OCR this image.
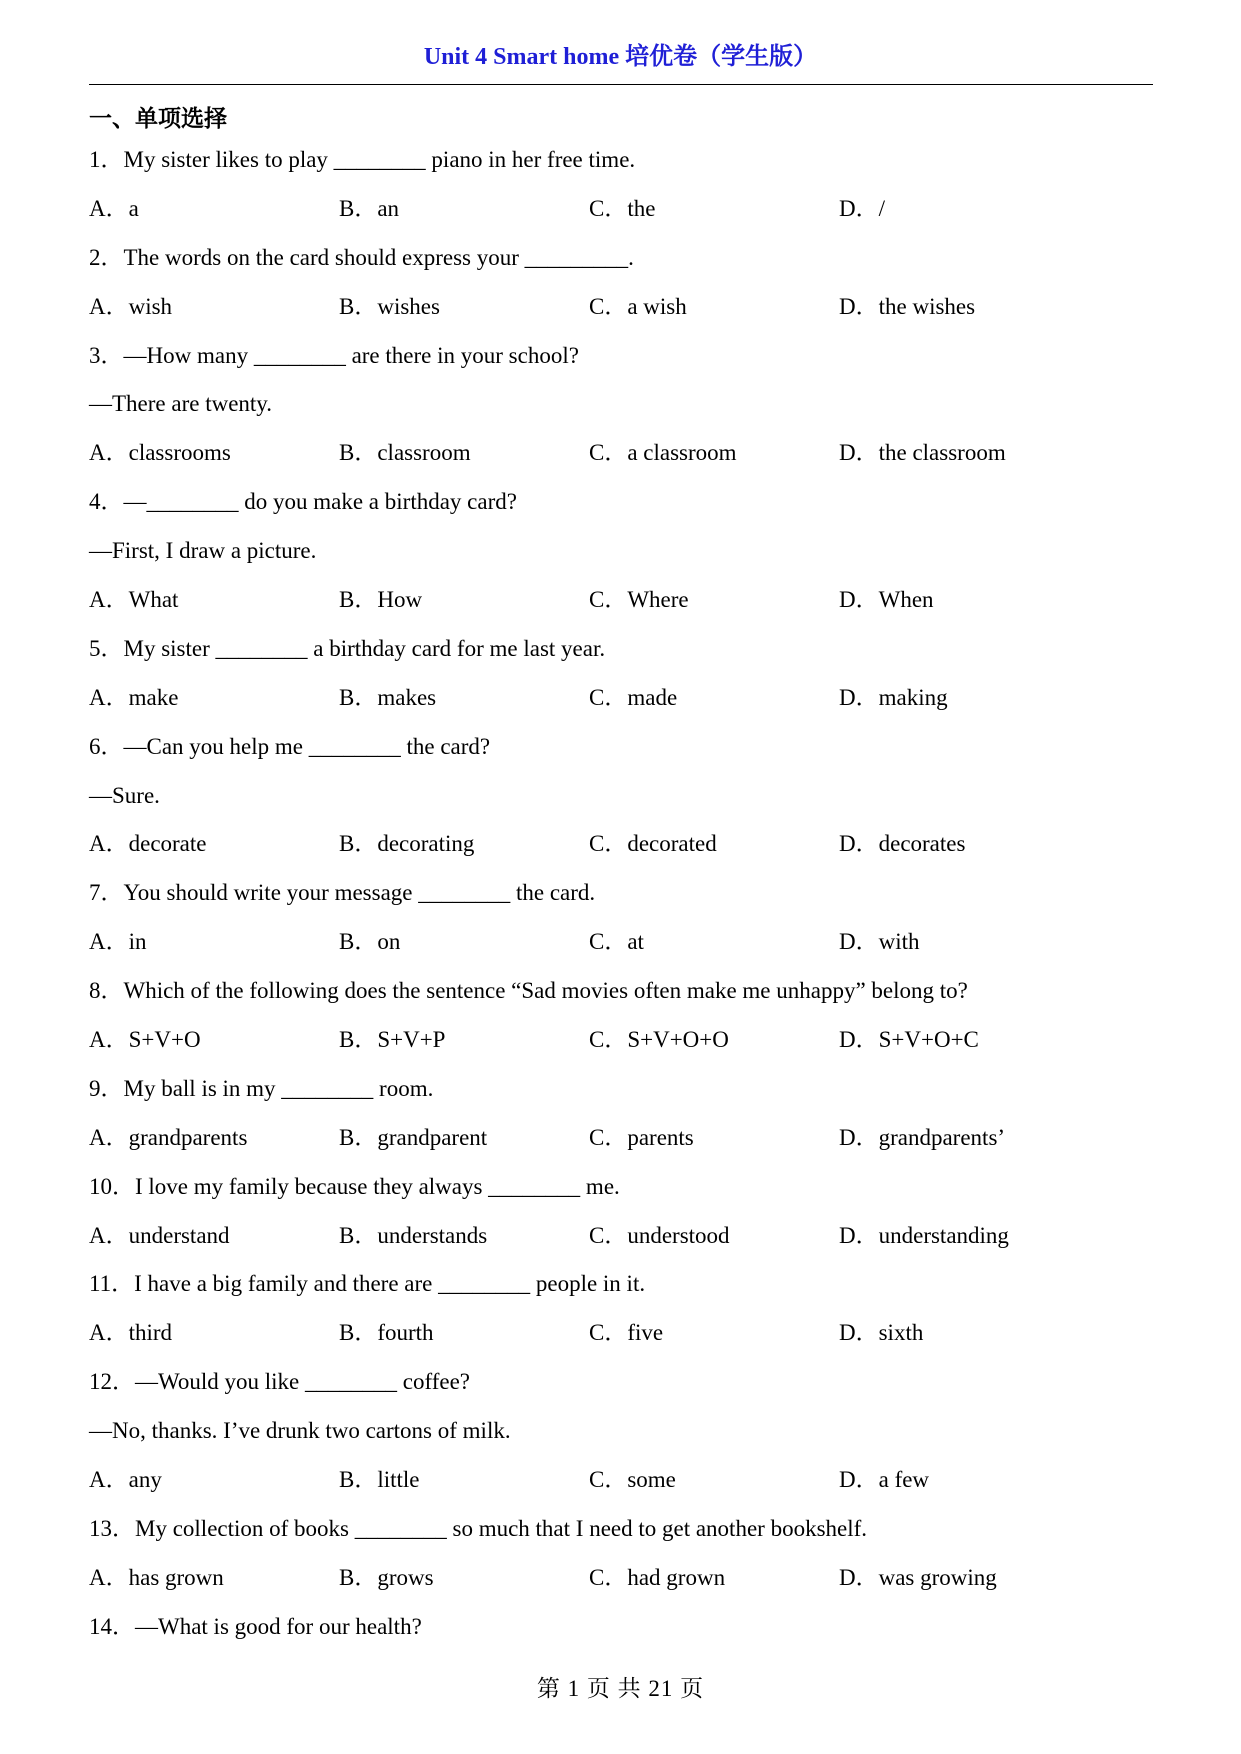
Unit 4 Smart home 培优卷（学生版）
一、单项选择
1．My sister likes to play ________ piano in her free time.
A．a	B．an	C．the	D．/
2．The words on the card should express your _________.
A．wish	B．wishes	C．a wish	D．the wishes
3．—How many ________ are there in your school?
—There are twenty.
A．classrooms	B．classroom	C．a classroom	D．the classroom
4．—________ do you make a birthday card?
—First, I draw a picture.
A．What	B．How	C．Where	D．When
5．My sister ________ a birthday card for me last year.
A．make	B．makes	C．made	D．making
6．—Can you help me ________ the card?
—Sure.
A．decorate	B．decorating	C．decorated	D．decorates
7．You should write your message ________ the card.
A．in	B．on	C．at	D．with
8．Which of the following does the sentence “Sad movies often make me unhappy” belong to?
A．S+V+O	B．S+V+P	C．S+V+O+O	D．S+V+O+C
9．My ball is in my ________ room.
A．grandparents	B．grandparent	C．parents	D．grandparents’
10．I love my family because they always ________ me.
A．understand	B．understands	C．understood	D．understanding
11．I have a big family and there are ________ people in it.
A．third	B．fourth	C．five	D．sixth
12．—Would you like ________ coffee?
—No, thanks. I’ve drunk two cartons of milk.
A．any	B．little	C．some	D．a few
13．My collection of books ________ so much that I need to get another bookshelf.
A．has grown	B．grows	C．had grown	D．was growing
14．—What is good for our health?
第 1 页 共 21 页
